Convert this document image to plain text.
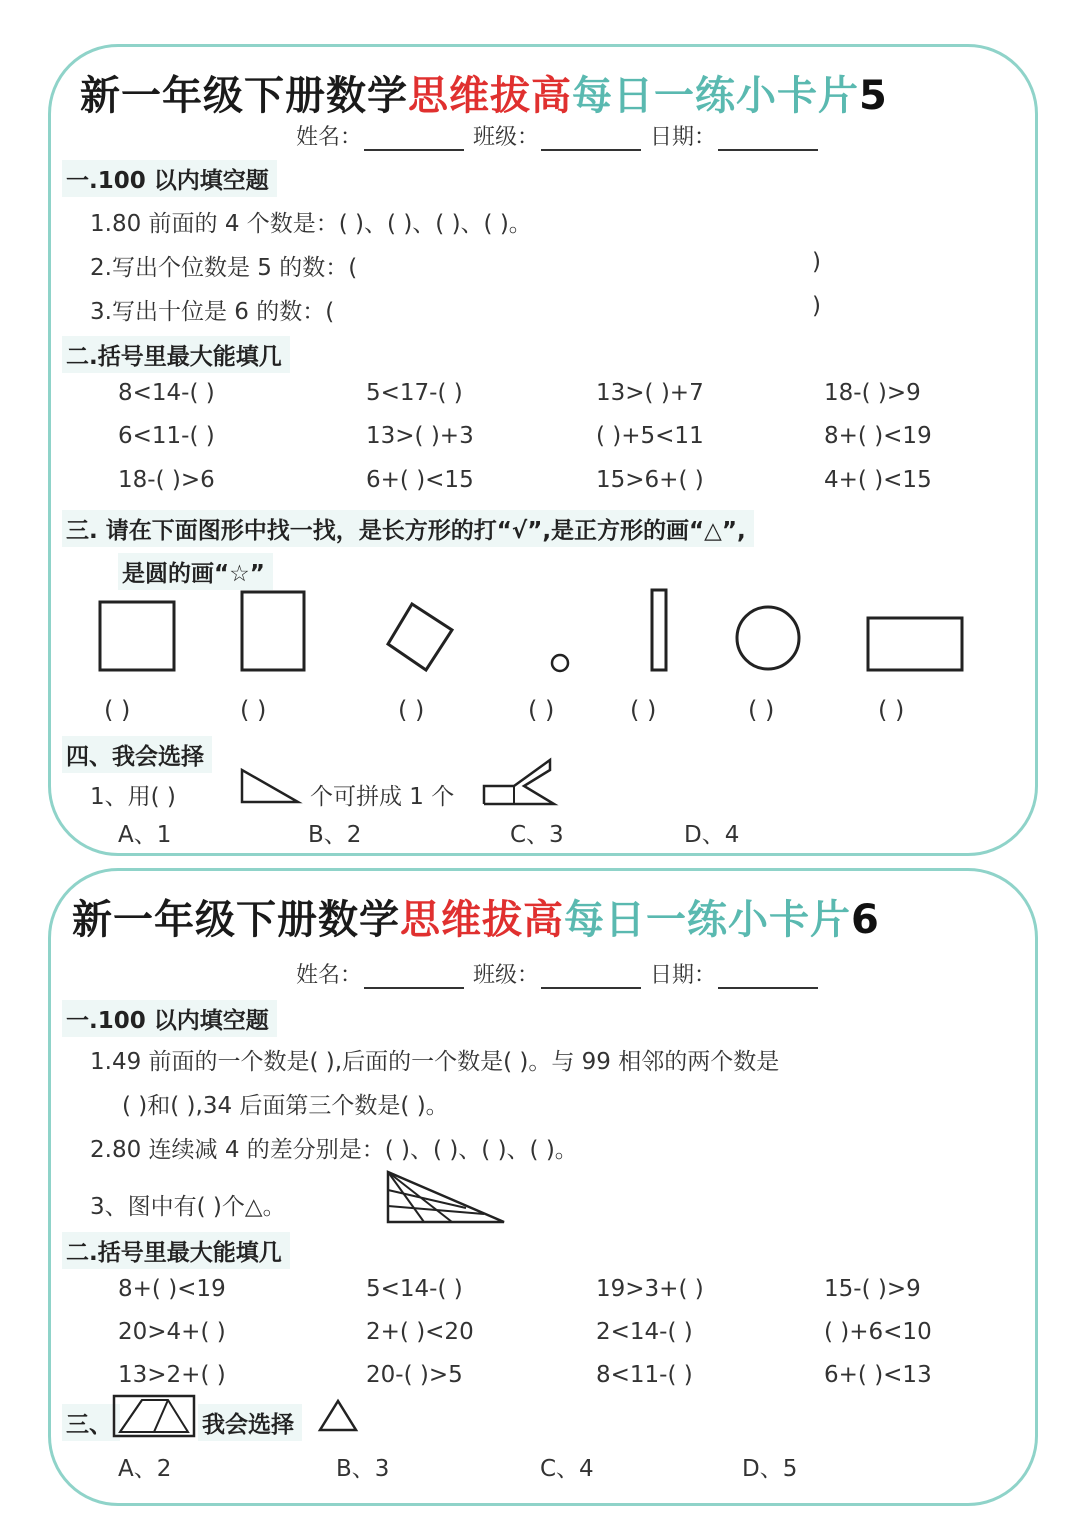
新一年级下册数学思维拔高每日一练小卡片5
姓名：	班级：	日期：
一.100 以内填空题
1.80 前面的 4 个数是：( )、( )、( )、( )。
2.写出个位数是 5 的数：(	)
3.写出十位是 6 的数：(	)
二.括号里最大能填几
8<14-( )	5<17-( )	13>( )+7	18-( )>9
6<11-( )	13>( )+3	( )+5<11	8+( )<19
18-( )>6	6+( )<15	15>6+( )	4+( )<15
三. 请在下面图形中找一找，是长方形的打“√”,是正方形的画“△”,
是圆的画“☆”
( )	( )	( )	( )	( )	( )	( )
四、我会选择
1、用( )	个可拼成 1 个
A、1	B、2	C、3	D、4
新一年级下册数学思维拔高每日一练小卡片6
姓名：	班级：	日期：
一.100 以内填空题
1.49 前面的一个数是( ),后面的一个数是( )。与 99 相邻的两个数是
( )和( ),34 后面第三个数是( )。
2.80 连续减 4 的差分别是：( )、( )、( )、( )。
3、图中有( )个△。
二.括号里最大能填几
8+( )<19	5<14-( )	19>3+( )	15-( )>9
20>4+( )	2+( )<20	2<14-( )	( )+6<10
13>2+( )	20-( )>5	8<11-( )	6+( )<13
三、	我会选择
A、2	B、3	C、4	D、5
